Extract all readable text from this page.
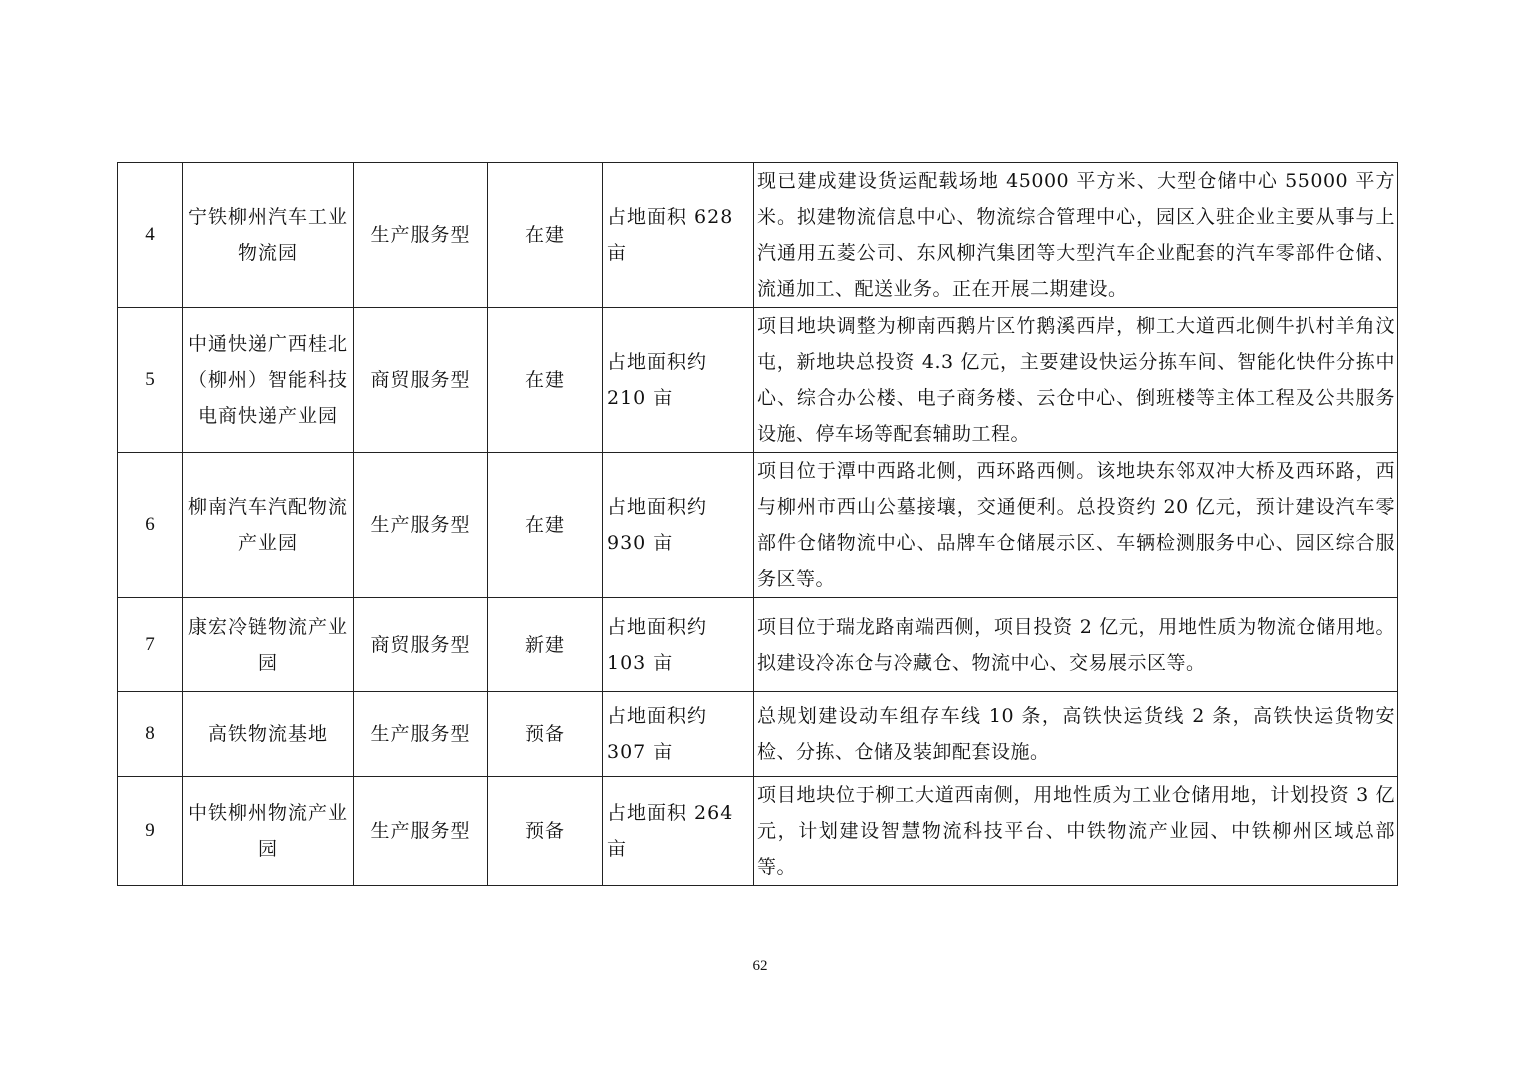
4	宁铁柳州汽车工业物流园	生产服务型	在建	占地面积 628 亩	现已建成建设货运配载场地 45000 平方米、大型仓储中心 55000 平方米。拟建物流信息中心、物流综合管理中心，园区入驻企业主要从事与上汽通用五菱公司、东风柳汽集团等大型汽车企业配套的汽车零部件仓储、流通加工、配送业务。正在开展二期建设。
5	中通快递广西桂北（柳州）智能科技电商快递产业园	商贸服务型	在建	占地面积约 210 亩	项目地块调整为柳南西鹅片区竹鹅溪西岸，柳工大道西北侧牛扒村羊角汶屯，新地块总投资 4.3 亿元，主要建设快运分拣车间、智能化快件分拣中心、综合办公楼、电子商务楼、云仓中心、倒班楼等主体工程及公共服务设施、停车场等配套辅助工程。
6	柳南汽车汽配物流产业园	生产服务型	在建	占地面积约 930 亩	项目位于潭中西路北侧，西环路西侧。该地块东邻双冲大桥及西环路，西与柳州市西山公墓接壤，交通便利。总投资约 20 亿元，预计建设汽车零部件仓储物流中心、品牌车仓储展示区、车辆检测服务中心、园区综合服务区等。
7	康宏冷链物流产业园	商贸服务型	新建	占地面积约 103 亩	项目位于瑞龙路南端西侧，项目投资 2 亿元，用地性质为物流仓储用地。拟建设冷冻仓与冷藏仓、物流中心、交易展示区等。
8	高铁物流基地	生产服务型	预备	占地面积约 307 亩	总规划建设动车组存车线 10 条，高铁快运货线 2 条，高铁快运货物安检、分拣、仓储及装卸配套设施。
9	中铁柳州物流产业园	生产服务型	预备	占地面积 264 亩	项目地块位于柳工大道西南侧，用地性质为工业仓储用地，计划投资 3 亿元，计划建设智慧物流科技平台、中铁物流产业园、中铁柳州区域总部等。
62
